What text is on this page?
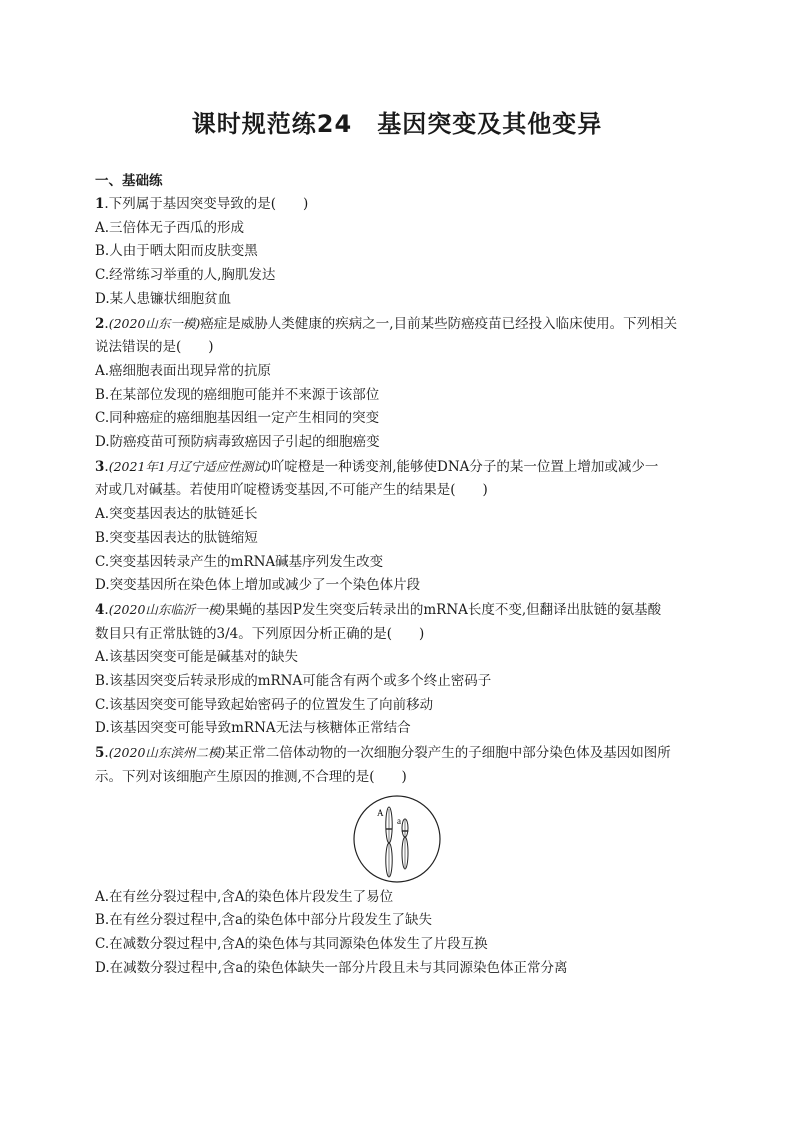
课时规范练24　基因突变及其他变异
一、基础练
1.下列属于基因突变导致的是(　　)
A.三倍体无子西瓜的形成
B.人由于晒太阳而皮肤变黑
C.经常练习举重的人,胸肌发达
D.某人患镰状细胞贫血
2.(2020山东一模)癌症是威胁人类健康的疾病之一,目前某些防癌疫苗已经投入临床使用。下列相关
说法错误的是(　　)
A.癌细胞表面出现异常的抗原
B.在某部位发现的癌细胞可能并不来源于该部位
C.同种癌症的癌细胞基因组一定产生相同的突变
D.防癌疫苗可预防病毒致癌因子引起的细胞癌变
3.(2021年1月辽宁适应性测试)吖啶橙是一种诱变剂,能够使DNA分子的某一位置上增加或减少一
对或几对碱基。若使用吖啶橙诱变基因,不可能产生的结果是(　　)
A.突变基因表达的肽链延长
B.突变基因表达的肽链缩短
C.突变基因转录产生的mRNA碱基序列发生改变
D.突变基因所在染色体上增加或减少了一个染色体片段
4.(2020山东临沂一模)果蝇的基因P发生突变后转录出的mRNA长度不变,但翻译出肽链的氨基酸
数目只有正常肽链的3/4。下列原因分析正确的是(　　)
A.该基因突变可能是碱基对的缺失
B.该基因突变后转录形成的mRNA可能含有两个或多个终止密码子
C.该基因突变可能导致起始密码子的位置发生了向前移动
D.该基因突变可能导致mRNA无法与核糖体正常结合
5.(2020山东滨州二模)某正常二倍体动物的一次细胞分裂产生的子细胞中部分染色体及基因如图所
示。下列对该细胞产生原因的推测,不合理的是(　　)
A
a
A.在有丝分裂过程中,含A的染色体片段发生了易位
B.在有丝分裂过程中,含a的染色体中部分片段发生了缺失
C.在减数分裂过程中,含A的染色体与其同源染色体发生了片段互换
D.在减数分裂过程中,含a的染色体缺失一部分片段且未与其同源染色体正常分离
